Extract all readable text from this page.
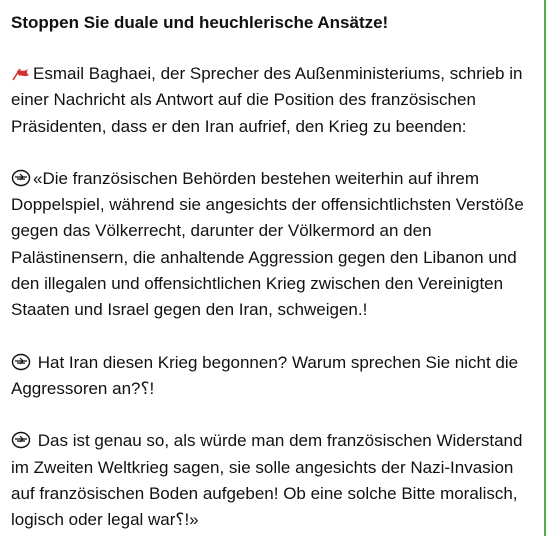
Stoppen Sie duale und heuchlerische Ansätze!

Esmail Baghaei, der Sprecher des Außenministeriums, schrieb in einer Nachricht als Antwort auf die Position des französischen Präsidenten, dass er den Iran aufrief, den Krieg zu beenden:

«Die französischen Behörden bestehen weiterhin auf ihrem Doppelspiel, während sie angesichts der offensichtlichsten Verstöße gegen das Völkerrecht, darunter der Völkermord an den Palästinensern, die anhaltende Aggression gegen den Libanon und den illegalen und offensichtlichen Krieg zwischen den Vereinigten Staaten und Israel gegen den Iran, schweigen.!

Hat Iran diesen Krieg begonnen? Warum sprechen Sie nicht die Aggressoren an?⸮!

Das ist genau so, als würde man dem französischen Widerstand im Zweiten Weltkrieg sagen, sie solle angesichts der Nazi-Invasion auf französischen Boden aufgeben! Ob eine solche Bitte moralisch, logisch oder legal war⸮!»
